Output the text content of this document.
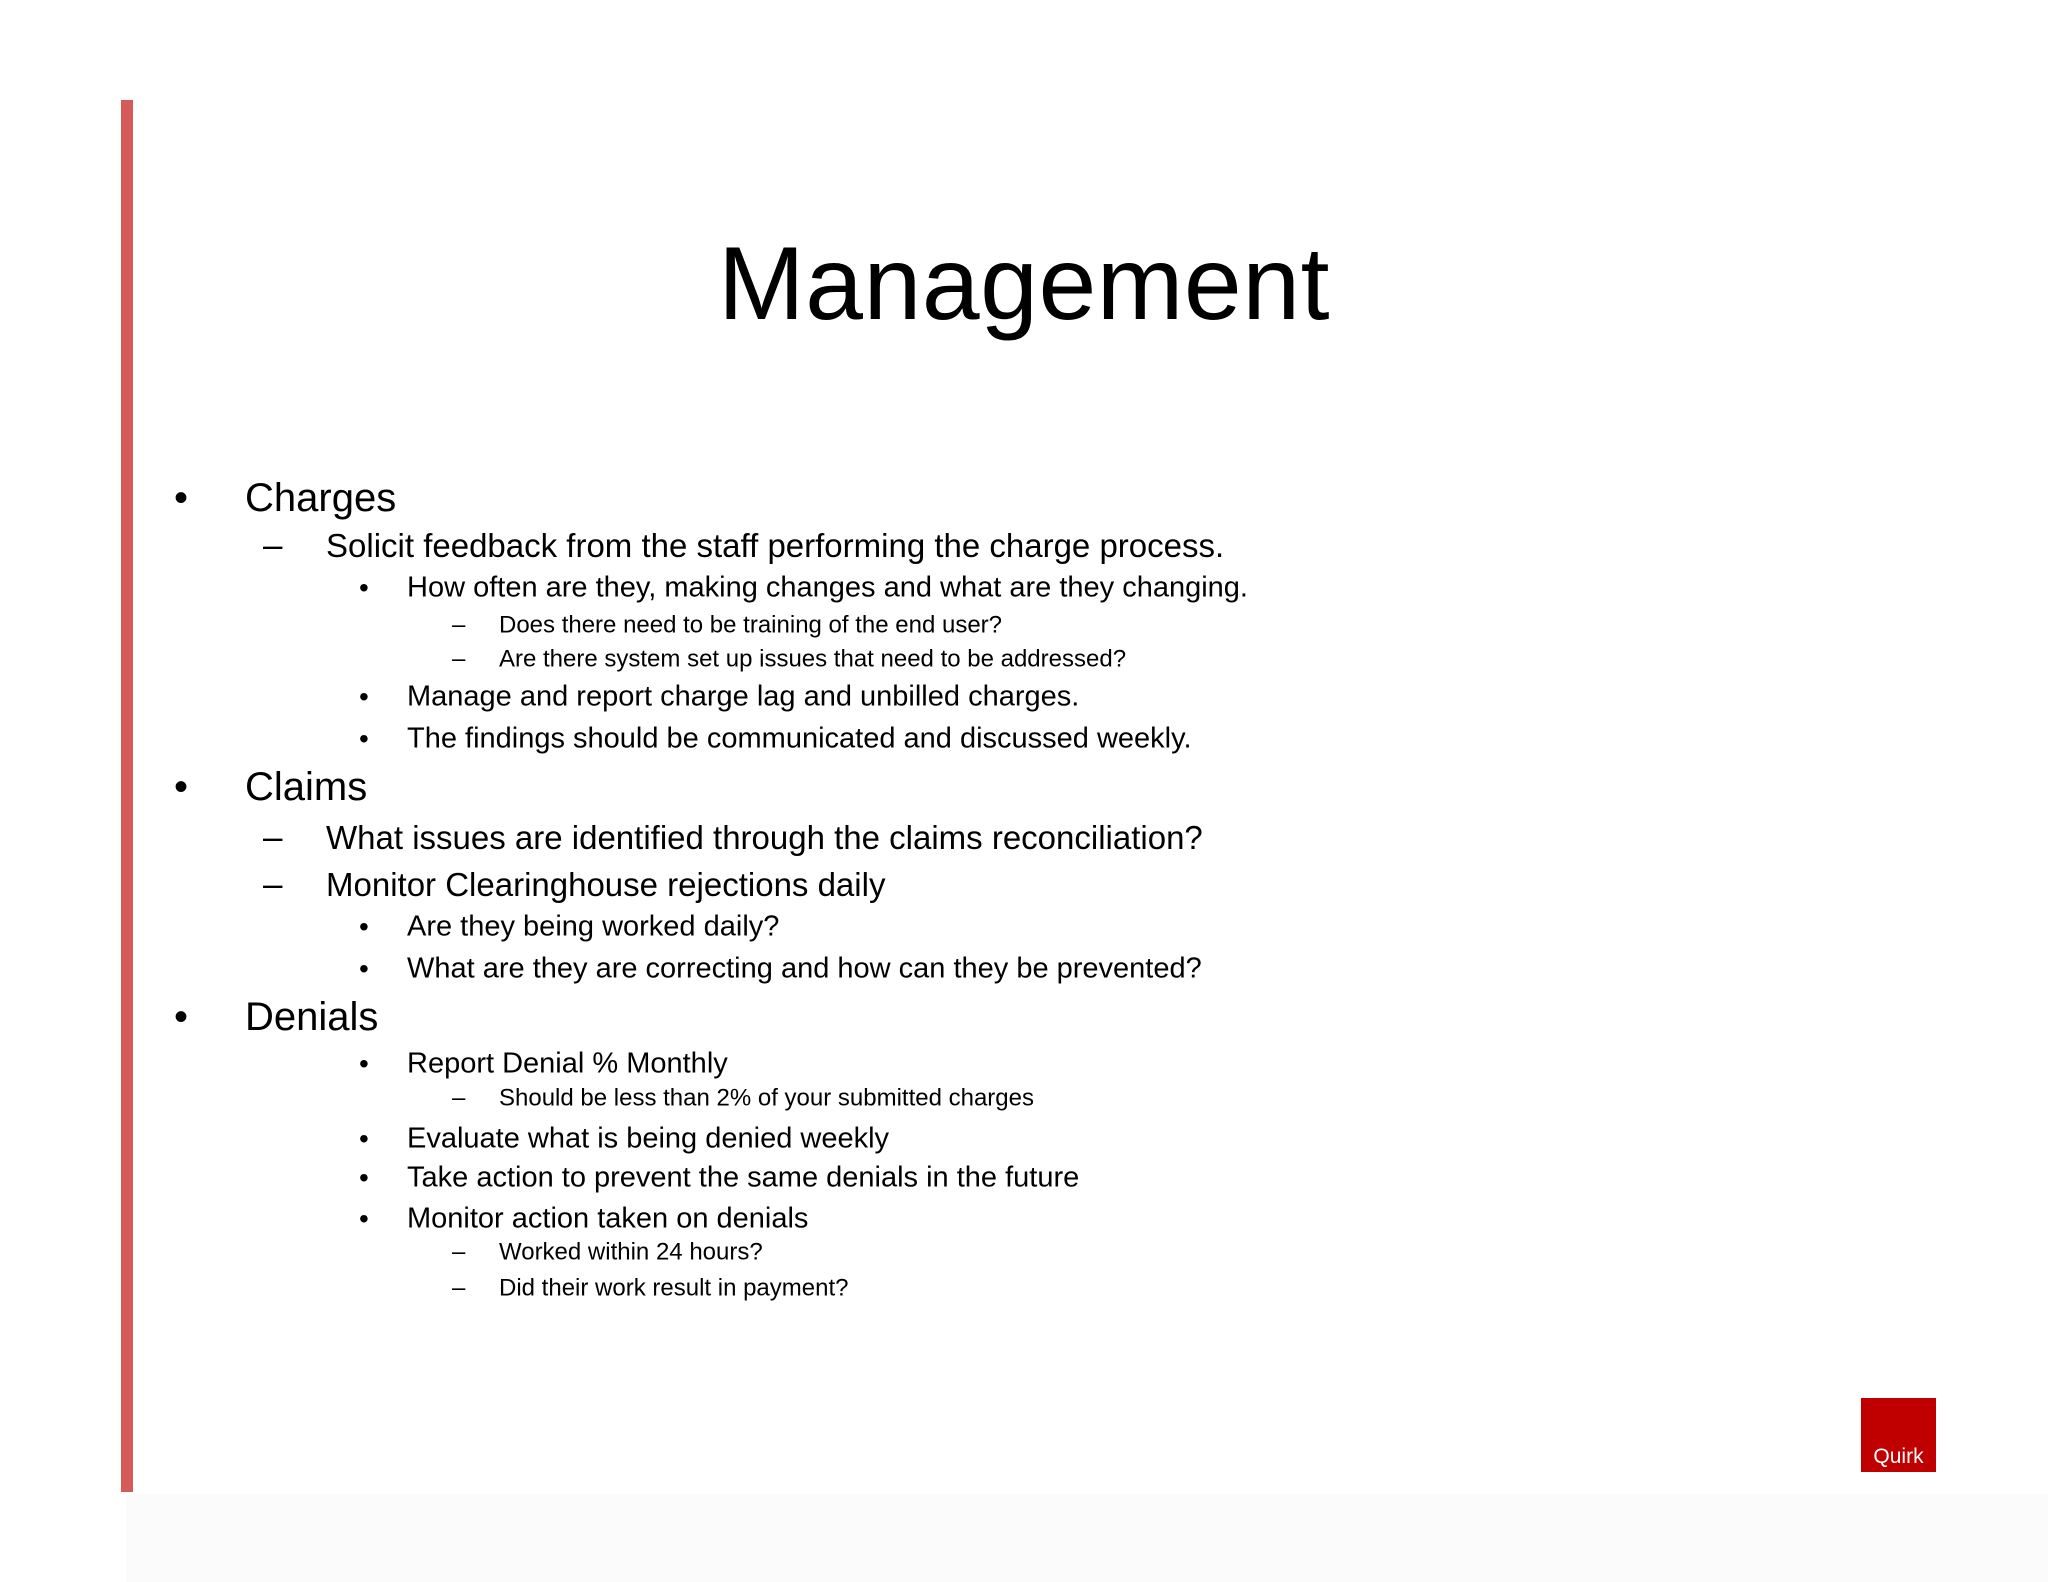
Management
• Charges
– Solicit feedback from the staff performing the charge process.
• How often are they, making changes and what are they changing.
– Does there need to be training of the end user?
– Are there system set up issues that need to be addressed?
• Manage and report charge lag and unbilled charges.
• The findings should be communicated and discussed weekly.
• Claims
– What issues are identified through the claims reconciliation?
– Monitor Clearinghouse rejections daily
• Are they being worked daily?
• What are they are correcting and how can they be prevented?
• Denials
• Report Denial % Monthly
– Should be less than 2% of your submitted charges
• Evaluate what is being denied weekly
• Take action to prevent the same denials in the future
• Monitor action taken on denials
– Worked within 24 hours?
– Did their work result in payment?
Quirk
